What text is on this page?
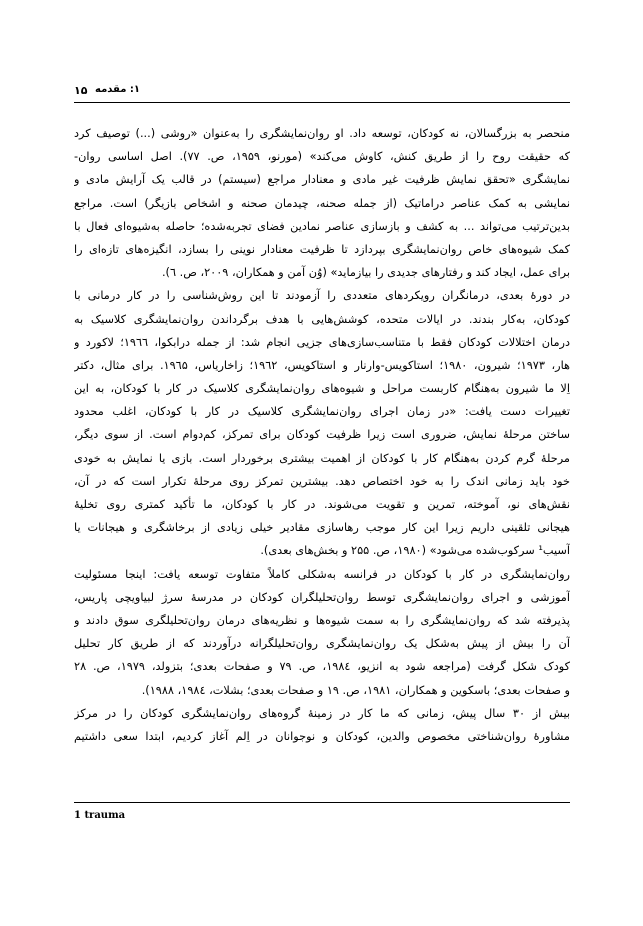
۱۵ ۱: مقدمه

منحصر به بزرگسالان، نه کودکان، توسعه داد. او روان‌نمایشگری را به‌عنوان «روشی (...) توصیف کرد
که حقیقت روح را از طریق کنش، کاوش می‌کند» (مورنو، ۱۹۵۹، ص. ۷۷). اصل اساسی روان-
نمایشگری «تحقق نمایش ظرفیت غیر مادی و معنادار مراجع (سیستم) در قالب یک آرایش مادی و
نمایشی به کمک عناصر دراماتیک (از جمله صحنه، چیدمان صحنه و اشخاص بازیگر) است. مراجع
بدین‌ترتیب می‌تواند ... به کشف و بازسازی عناصر نمادین فضای تجربه‌شده؛ حاصله به‌شیوه‌ای فعال با
کمک شیوه‌های خاص روان‌نمایشگری بپردازد تا ظرفیت معنادار نوینی را بسازد، انگیزه‌های تازه‌ای را
برای عمل، ایجاد کند و رفتارهای جدیدی را بیازماید» (وُن آمن و همکاران، ۲۰۰۹، ص. ٦).

در دورهٔ بعدی، درمانگران رویکردهای متعددی را آزمودند تا این روش‌شناسی را در کار درمانی با
کودکان، به‌کار بندند. در ایالات متحده، کوشش‌هایی با هدف برگرداندن روان‌نمایشگری کلاسیک به
درمان اختلالات کودکان فقط با متناسب‌سازی‌های جزیی انجام شد: از جمله درابکوا، ۱۹٦٦؛ لاکورد و
هار، ۱۹۷۳؛ شیرون، ۱۹۸۰؛ استاکویس-وارنار و استاکویس، ۱۹٦۲؛ زاخاریاس، ۱۹٦۵. برای مثال، دکتر
اِلا ما شیرون به‌هنگام کاربست مراحل و شیوه‌های روان‌نمایشگری کلاسیک در کار با کودکان، به این
تغییرات دست یافت: «در زمان اجرای روان‌نمایشگری کلاسیک در کار با کودکان، اغلب محدود
ساختن مرحلهٔ نمایش، ضروری است زیرا ظرفیت کودکان برای تمرکز، کم‌دوام است. از سوی دیگر،
مرحلهٔ گرم کردن به‌هنگام کار با کودکان از اهمیت بیشتری برخوردار است. بازی یا نمایش به خودی
خود باید زمانی اندک را به خود اختصاص دهد. بیشترین تمرکز روی مرحلهٔ تکرار است که در آن،
نقش‌های نو، آموخته، تمرین و تقویت می‌شوند. در کار با کودکان، ما تأکید کمتری روی تخلیهٔ
هیجانی تلقینی داریم زیرا این کار موجب رهاسازی مقادیر خیلی زیادی از برخاشگری و هیجانات یا
آسیب¹ سرکوب‌شده می‌شود» (۱۹۸۰، ص. ۲۵۵ و بخش‌های بعدی).

روان‌نمایشگری در کار با کودکان در فرانسه به‌شکلی کاملاً متفاوت توسعه یافت: اینجا مسئولیت
آموزشی و اجرای روان‌نمایشگری توسط روان‌تحلیلگران کودکان در مدرسهٔ سرژ لبیاویچی پاریس،
پذیرفته شد که روان‌نمایشگری را به سمت شیوه‌ها و نظریه‌های درمان روان‌تحلیلگری سوق دادند و
آن را بیش از پیش به‌شکل یک روان‌نمایشگری روان‌تحلیلگرانه درآوردند که از طریق کار تحلیل
کودک شکل گرفت (مراجعه شود به انزیو، ۱۹۸٤، ص. ۷۹ و صفحات بعدی؛ بتزولد، ۱۹۷۹، ص. ۲۸
و صفحات بعدی؛ باسکوین و همکاران، ۱۹۸۱، ص. ۱۹ و صفحات بعدی؛ بشلات، ۱۹۸٤، ۱۹۸۸).

بیش از ۳۰ سال پیش، زمانی که ما کار در زمینهٔ گروه‌های روان‌نمایشگری کودکان را در مرکز
مشاورهٔ روان‌شناختی مخصوص والدین، کودکان و نوجوانان در اِلم آغاز کردیم، ابتدا سعی داشتیم

1 trauma
